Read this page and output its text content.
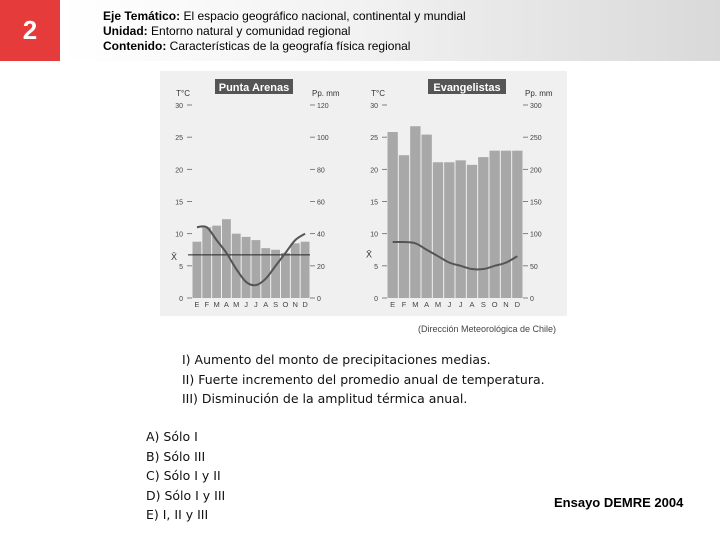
2	Eje Temático: El espacio geográfico nacional, continental y mundial
Unidad: Entorno natural y comunidad regional
Contenido: Características de la geografía física regional
Punta Arenas
T°C	Pp. mm
0
5
10
15
20
25
30
0
20
40
60
80
100
120
E F M A M J J A S O N D
X̄
Evangelistas
T°C	Pp. mm
0
5
10
15
20
25
30
0
50
100
150
200
250
300
E F M A M J J A S O N D
X̄
(Dirección Meteorológica de Chile)
I) Aumento del monto de precipitaciones medias.
II) Fuerte incremento del promedio anual de temperatura.
III) Disminución de la amplitud térmica anual.
A) Sólo I
B) Sólo III
C) Sólo I y II
D) Sólo I y III
E) I, II y III
Ensayo DEMRE 2004
